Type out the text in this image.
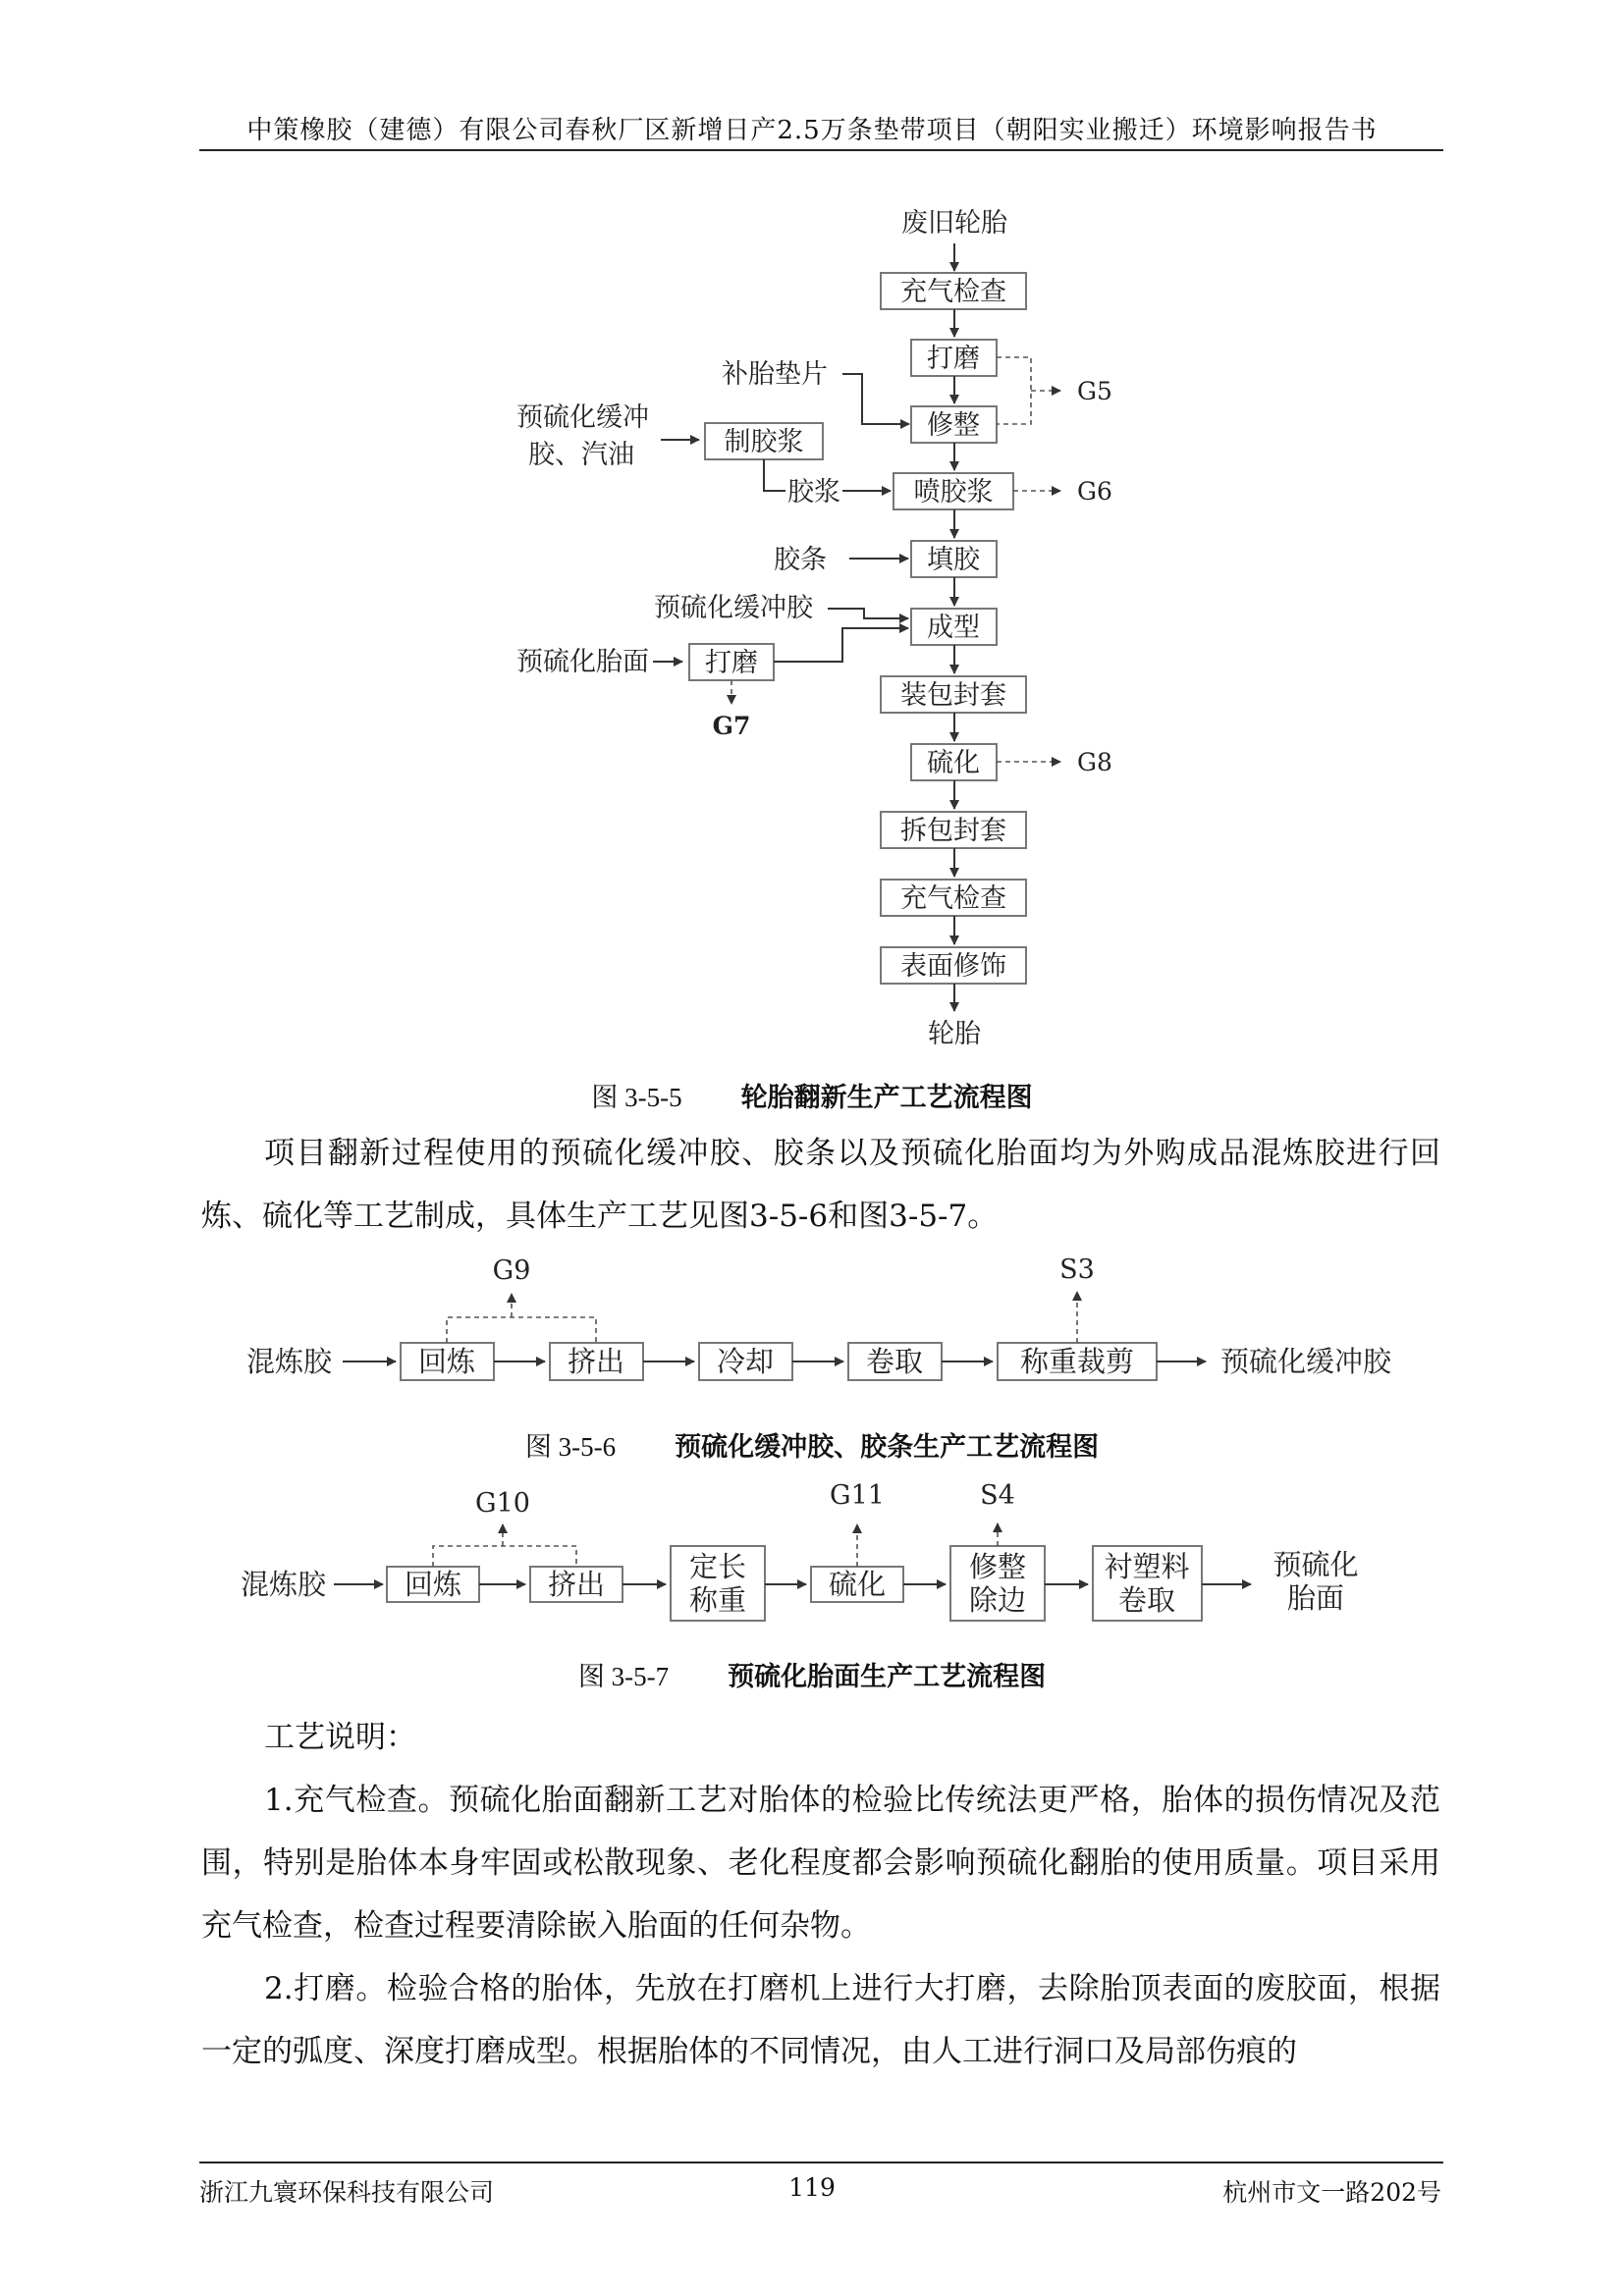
中策橡胶（建德）有限公司春秋厂区新增日产2.5万条垫带项目（朝阳实业搬迁）环境影响报告书
废旧轮胎
充气检查
打磨
修整
喷胶浆
填胶
成型
装包封套
硫化
拆包封套
充气检查
表面修饰
轮胎
G5
G6
G8
补胎垫片
预硫化缓冲
胶、汽油	制胶浆
胶浆
胶条
预硫化缓冲胶
预硫化胎面 打磨
G7
图 3-5-5 轮胎翻新生产工艺流程图
项目翻新过程使用的预硫化缓冲胶、胶条以及预硫化胎面均为外购成品混炼胶进行回炼、硫化等工艺制成，具体生产工艺见图3-5-6和图3-5-7。
混炼胶	回炼	挤出	冷却	卷取	称重裁剪	预硫化缓冲胶
G9	S3
图 3-5-6 预硫化缓冲胶、胶条生产工艺流程图
混炼胶	回炼	挤出
定长
称重	硫化
修整
除边
衬塑料
卷取
预硫化
胎面
G10	G11	S4
图 3-5-7 预硫化胎面生产工艺流程图
工艺说明：
1.充气检查。预硫化胎面翻新工艺对胎体的检验比传统法更严格，胎体的损伤情况及范围，特别是胎体本身牢固或松散现象、老化程度都会影响预硫化翻胎的使用质量。项目采用充气检查，检查过程要清除嵌入胎面的任何杂物。
2.打磨。检验合格的胎体，先放在打磨机上进行大打磨，去除胎顶表面的废胶面，根据一定的弧度、深度打磨成型。根据胎体的不同情况，由人工进行洞口及局部伤痕的
浙江九寰环保科技有限公司	119	杭州市文一路202号
